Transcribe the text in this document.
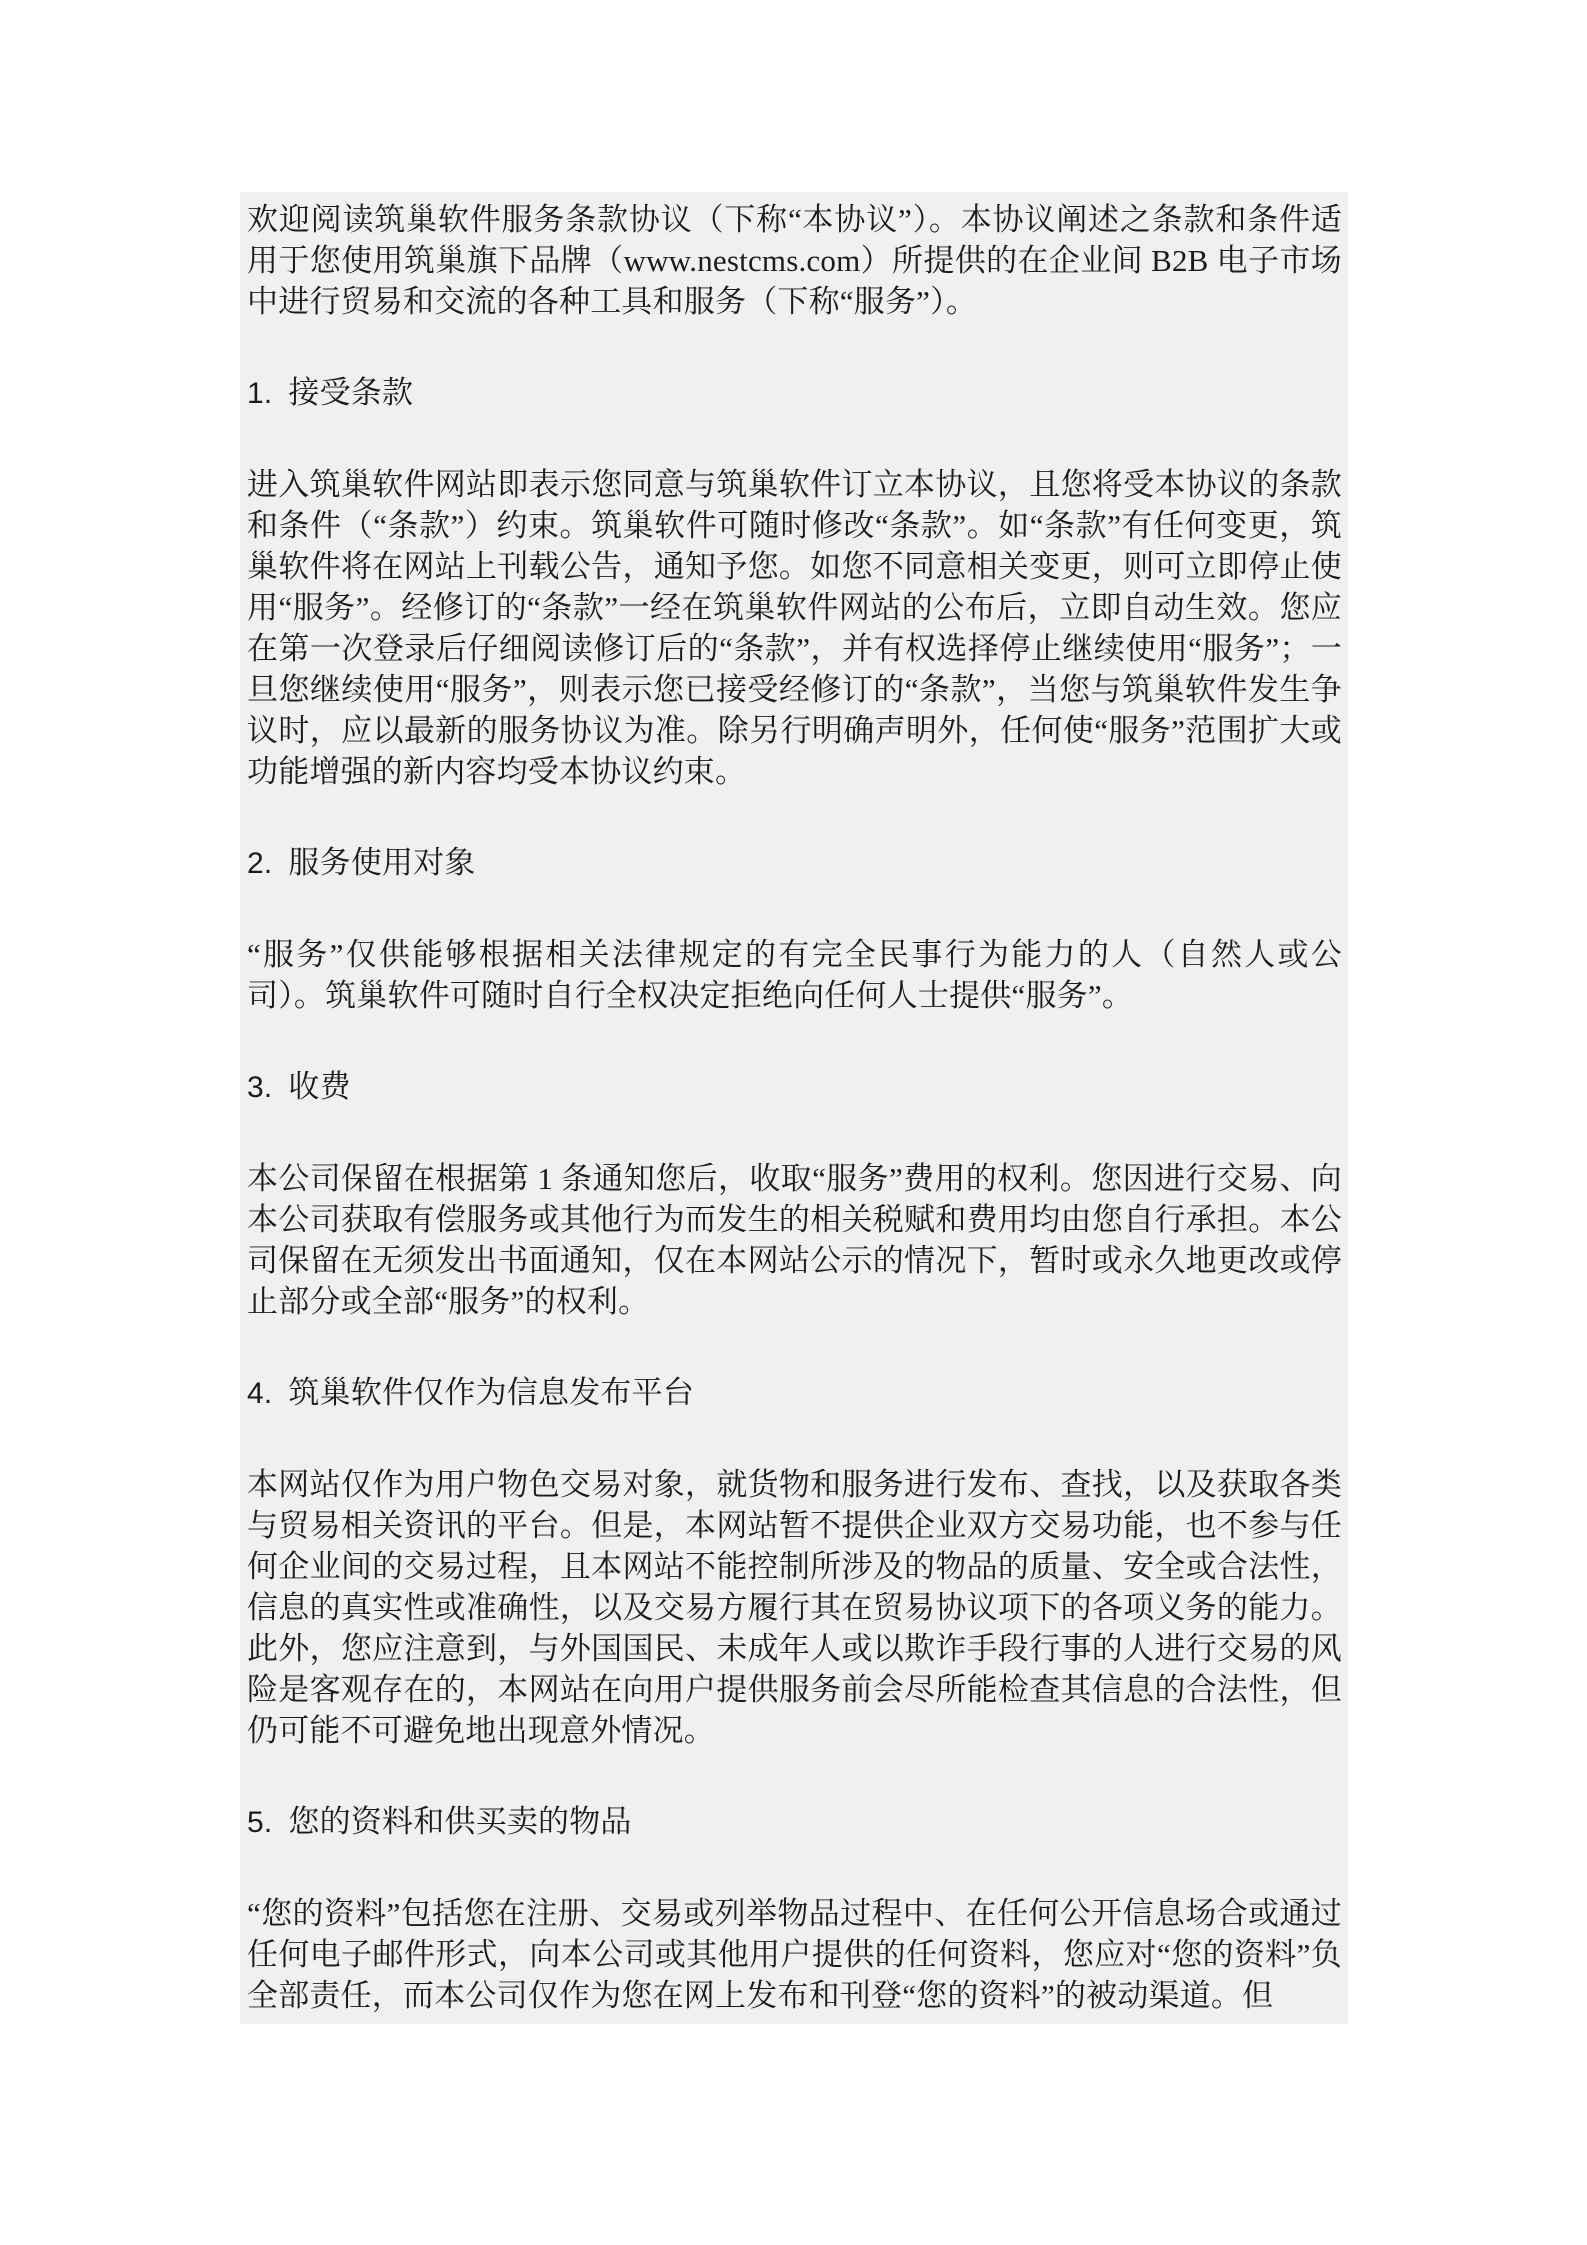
欢迎阅读筑巢软件服务条款协议（下称“本协议”）。本协议阐述之条款和条件适用于您使用筑巢旗下品牌（www.nestcms.com）所提供的在企业间 B2B 电子市场中进行贸易和交流的各种工具和服务（下称“服务”）。

1. 接受条款

进入筑巢软件网站即表示您同意与筑巢软件订立本协议，且您将受本协议的条款和条件（“条款”）约束。筑巢软件可随时修改“条款”。如“条款”有任何变更，筑巢软件将在网站上刊载公告，通知予您。如您不同意相关变更，则可立即停止使用“服务”。经修订的“条款”一经在筑巢软件网站的公布后，立即自动生效。您应在第一次登录后仔细阅读修订后的“条款”，并有权选择停止继续使用“服务”；一旦您继续使用“服务”，则表示您已接受经修订的“条款”，当您与筑巢软件发生争议时，应以最新的服务协议为准。除另行明确声明外，任何使“服务”范围扩大或功能增强的新内容均受本协议约束。

2. 服务使用对象

“服务”仅供能够根据相关法律规定的有完全民事行为能力的人（自然人或公司）。筑巢软件可随时自行全权决定拒绝向任何人士提供“服务”。

3. 收费

本公司保留在根据第 1 条通知您后，收取“服务”费用的权利。您因进行交易、向本公司获取有偿服务或其他行为而发生的相关税赋和费用均由您自行承担。本公司保留在无须发出书面通知，仅在本网站公示的情况下，暂时或永久地更改或停止部分或全部“服务”的权利。

4. 筑巢软件仅作为信息发布平台

本网站仅作为用户物色交易对象，就货物和服务进行发布、查找，以及获取各类与贸易相关资讯的平台。但是，本网站暂不提供企业双方交易功能，也不参与任何企业间的交易过程，且本网站不能控制所涉及的物品的质量、安全或合法性，信息的真实性或准确性，以及交易方履行其在贸易协议项下的各项义务的能力。此外，您应注意到，与外国国民、未成年人或以欺诈手段行事的人进行交易的风险是客观存在的，本网站在向用户提供服务前会尽所能检查其信息的合法性，但仍可能不可避免地出现意外情况。

5. 您的资料和供买卖的物品

“您的资料”包括您在注册、交易或列举物品过程中、在任何公开信息场合或通过任何电子邮件形式，向本公司或其他用户提供的任何资料，您应对“您的资料”负全部责任，而本公司仅作为您在网上发布和刊登“您的资料”的被动渠道。但
